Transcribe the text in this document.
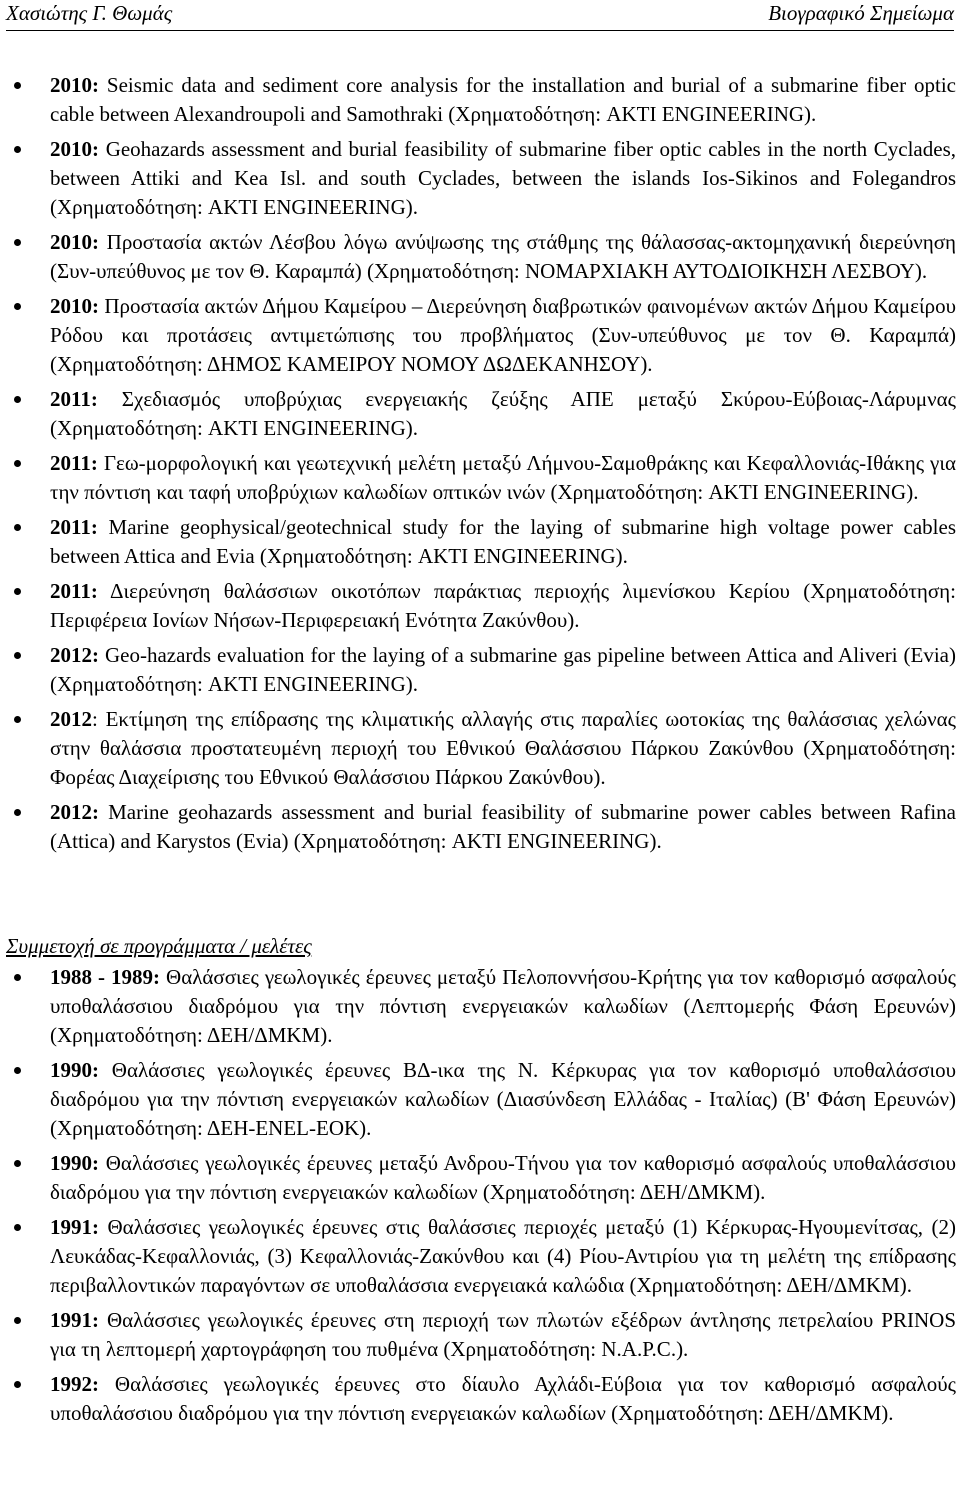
Χασιώτης Γ. Θωμάς	Βιογραφικό Σημείωμα
2010: Seismic data and sediment core analysis for the installation and burial of a submarine fiber optic cable between Alexandroupoli and Samothraki (Χρηματοδότηση: AKTI ENGINEERING).
2010: Geohazards assessment and burial feasibility of submarine fiber optic cables in the north Cyclades, between Attiki and Kea Isl. and south Cyclades, between the islands Ios-Sikinos and Folegandros (Χρηματοδότηση: AKTI ENGINEERING).
2010: Προστασία ακτών Λέσβου λόγω ανύψωσης της στάθμης της θάλασσας-ακτομηχανική διερεύνηση (Συν-υπεύθυνος με τον Θ. Καραμπά) (Χρηματοδότηση: ΝΟΜΑΡΧΙΑΚΗ ΑΥΤΟΔΙΟΙΚΗΣΗ ΛΕΣΒΟΥ).
2010: Προστασία ακτών Δήμου Καμείρου – Διερεύνηση διαβρωτικών φαινομένων ακτών Δήμου Καμείρου Ρόδου και προτάσεις αντιμετώπισης του προβλήματος (Συν-υπεύθυνος με τον Θ. Καραμπά) (Χρηματοδότηση: ΔΗΜΟΣ ΚΑΜΕΙΡΟΥ ΝΟΜΟΥ ΔΩΔΕΚΑΝΗΣΟΥ).
2011: Σχεδιασμός υποβρύχιας ενεργειακής ζεύξης ΑΠΕ μεταξύ Σκύρου-Εύβοιας-Λάρυμνας (Χρηματοδότηση: AKTI ENGINEERING).
2011: Γεω-μορφολογική και γεωτεχνική μελέτη μεταξύ Λήμνου-Σαμοθράκης και Κεφαλλονιάς-Ιθάκης για την πόντιση και ταφή υποβρύχιων καλωδίων οπτικών ινών (Χρηματοδότηση: AKTI ENGINEERING).
2011: Marine geophysical/geotechnical study for the laying of submarine high voltage power cables between Attica and Evia (Χρηματοδότηση: AKTI ENGINEERING).
2011: Διερεύνηση θαλάσσιων οικοτόπων παράκτιας περιοχής λιμενίσκου Κερίου (Χρηματοδότηση: Περιφέρεια Ιονίων Νήσων-Περιφερειακή Ενότητα Ζακύνθου).
2012: Geo-hazards evaluation for the laying of a submarine gas pipeline between Attica and Aliveri (Evia) (Χρηματοδότηση: AKTI ENGINEERING).
2012: Εκτίμηση της επίδρασης της κλιματικής αλλαγής στις παραλίες ωοτοκίας της θαλάσσιας χελώνας στην θαλάσσια προστατευμένη περιοχή του Εθνικού Θαλάσσιου Πάρκου Ζακύνθου (Χρηματοδότηση: Φορέας Διαχείρισης του Εθνικού Θαλάσσιου Πάρκου Ζακύνθου).
2012: Marine geohazards assessment and burial feasibility of submarine power cables between Rafina (Attica) and Karystos (Evia) (Χρηματοδότηση: AKTI ENGINEERING).
Συμμετοχή σε προγράμματα / μελέτες
1988 - 1989: Θαλάσσιες γεωλογικές έρευνες μεταξύ Πελοποννήσου-Κρήτης για τον καθορισμό ασφαλούς υποθαλάσσιου διαδρόμου για την πόντιση ενεργειακών καλωδίων (Λεπτομερής Φάση Ερευνών) (Χρηματοδότηση: ΔΕΗ/ΔΜΚΜ).
1990: Θαλάσσιες γεωλογικές έρευνες ΒΔ-ικα της Ν. Κέρκυρας για τον καθορισμό υποθαλάσσιου διαδρόμου για την πόντιση ενεργειακών καλωδίων (Διασύνδεση Ελλάδας - Ιταλίας) (Β' Φάση Ερευνών) (Χρηματοδότηση: ΔΕΗ-ENEL-ΕΟΚ).
1990: Θαλάσσιες γεωλογικές έρευνες μεταξύ Ανδρου-Τήνου για τον καθορισμό ασφαλούς υποθαλάσσιου διαδρόμου για την πόντιση ενεργειακών καλωδίων (Χρηματοδότηση: ΔΕΗ/ΔΜΚΜ).
1991: Θαλάσσιες γεωλογικές έρευνες στις θαλάσσιες περιοχές μεταξύ (1) Κέρκυρας-Ηγουμενίτσας, (2) Λευκάδας-Κεφαλλονιάς, (3) Κεφαλλονιάς-Ζακύνθου και (4) Ρίου-Αντιρίου για τη μελέτη της επίδρασης περιβαλλοντικών παραγόντων σε υποθαλάσσια ενεργειακά καλώδια (Χρηματοδότηση: ΔΕΗ/ΔΜΚΜ).
1991: Θαλάσσιες γεωλογικές έρευνες στη περιοχή των πλωτών εξέδρων άντλησης πετρελαίου PRINOS για τη λεπτομερή χαρτογράφηση του πυθμένα (Χρηματοδότηση: N.A.P.C.).
1992: Θαλάσσιες γεωλογικές έρευνες στο δίαυλο Αχλάδι-Εύβοια για τον καθορισμό ασφαλούς υποθαλάσσιου διαδρόμου για την πόντιση ενεργειακών καλωδίων (Χρηματοδότηση: ΔΕΗ/ΔΜΚΜ).
